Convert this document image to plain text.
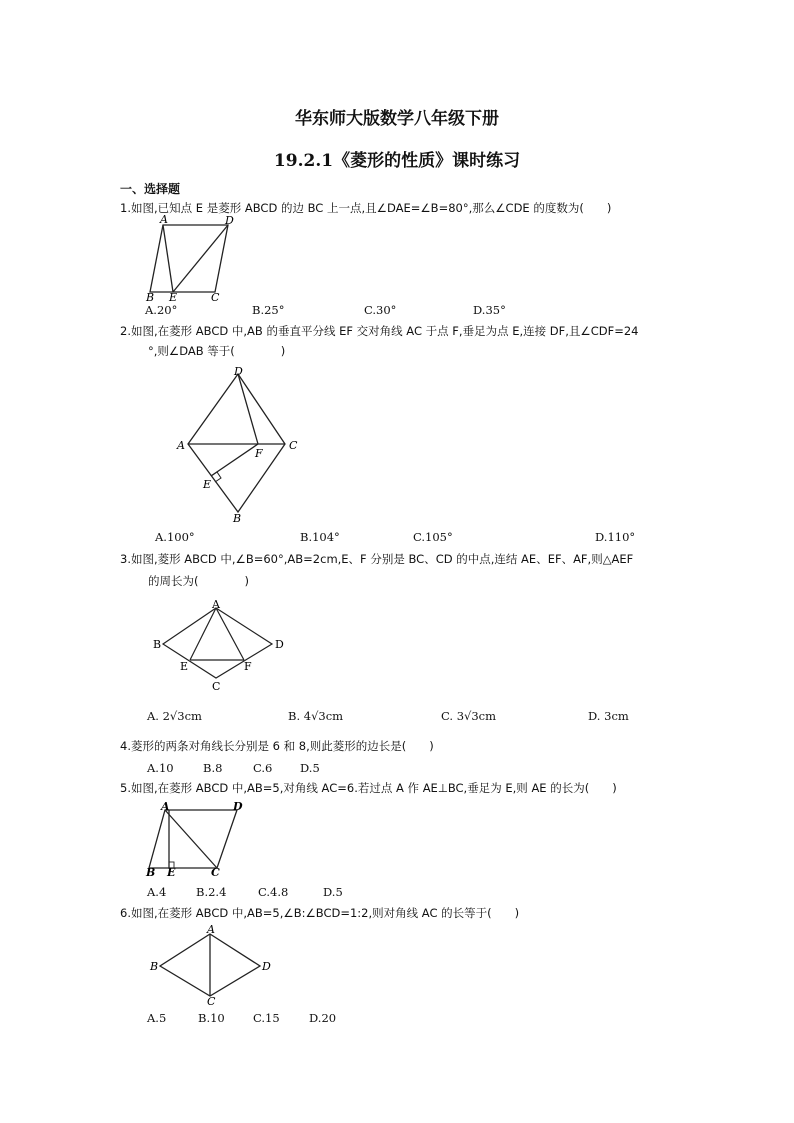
华东师大版数学八年级下册
19.2.1《菱形的性质》课时练习
一、选择题
1.如图,已知点 E 是菱形 ABCD 的边 BC 上一点,且∠DAE=∠B=80°,那么∠CDE 的度数为(　　)
A	D
B E	C
A.20°	B.25°	C.30°	D.35°
2.如图,在菱形 ABCD 中,AB 的垂直平分线 EF 交对角线 AC 于点 F,垂足为点 E,连接 DF,且∠CDF=24
°,则∠DAB 等于(　　　　)
D
A
F
C
E
B
A.100°	B.104°	C.105°	D.110°
3.如图,菱形 ABCD 中,∠B=60°,AB=2cm,E、F 分别是 BC、CD 的中点,连结 AE、EF、AF,则△AEF
的周长为(　　　　)
A
B	D
E	F
C
A. 2√3cm	B. 4√3cm	C. 3√3cm	D. 3cm
4.菱形的两条对角线长分别是 6 和 8,则此菱形的边长是(　　)
A.10	B.8	C.6 D.5
5.如图,在菱形 ABCD 中,AB=5,对角线 AC=6.若过点 A 作 AE⊥BC,垂足为 E,则 AE 的长为(　　)
A	D
B E	C
A.4	B.2.4	C.4.8	D.5
6.如图,在菱形 ABCD 中,AB=5,∠B:∠BCD=1:2,则对角线 AC 的长等于(　　)
A
B	D
C
A.5	B.10 C.15	D.20
